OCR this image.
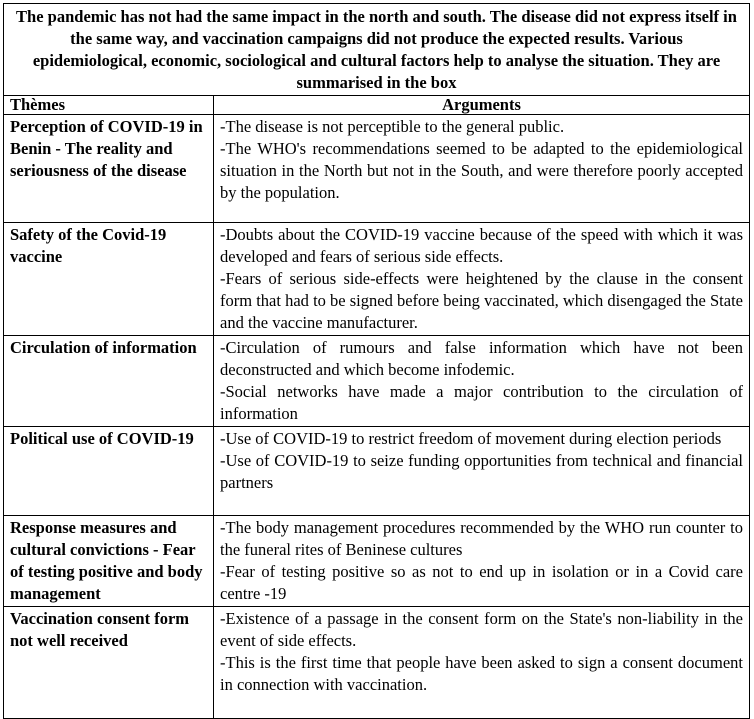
The pandemic has not had the same impact in the north and south. The disease did not express itself in the same way, and vaccination campaigns did not produce the expected results. Various epidemiological, economic, sociological and cultural factors help to analyse the situation. They are summarised in the box	
Thèmes	Arguments
Perception of COVID-19 in Benin - The reality and seriousness of the disease	-The disease is not perceptible to the general public.

-The WHO's recommendations seemed to be adapted to the epidemiological situation in the North but not in the South, and were therefore poorly accepted by the population.

Safety of the Covid-19 vaccine	-Doubts about the COVID-19 vaccine because of the speed with which it was developed and fears of serious side effects.

-Fears of serious side-effects were heightened by the clause in the consent form that had to be signed before being vaccinated, which disengaged the State and the vaccine manufacturer.

Circulation of information	-Circulation of rumours and false information which have not been deconstructed and which become infodemic.

-Social networks have made a major contribution to the circulation of information

Political use of COVID-19	-Use of COVID-19 to restrict freedom of movement during election periods

-Use of COVID-19 to seize funding opportunities from technical and financial partners

Response measures and cultural convictions - Fear of testing positive and body management	-The body management procedures recommended by the WHO run counter to the funeral rites of Beninese cultures

-Fear of testing positive so as not to end up in isolation or in a Covid care centre -19

Vaccination consent form not well received	-Existence of a passage in the consent form on the State's non-liability in the event of side effects.

-This is the first time that people have been asked to sign a consent document in connection with vaccination.
